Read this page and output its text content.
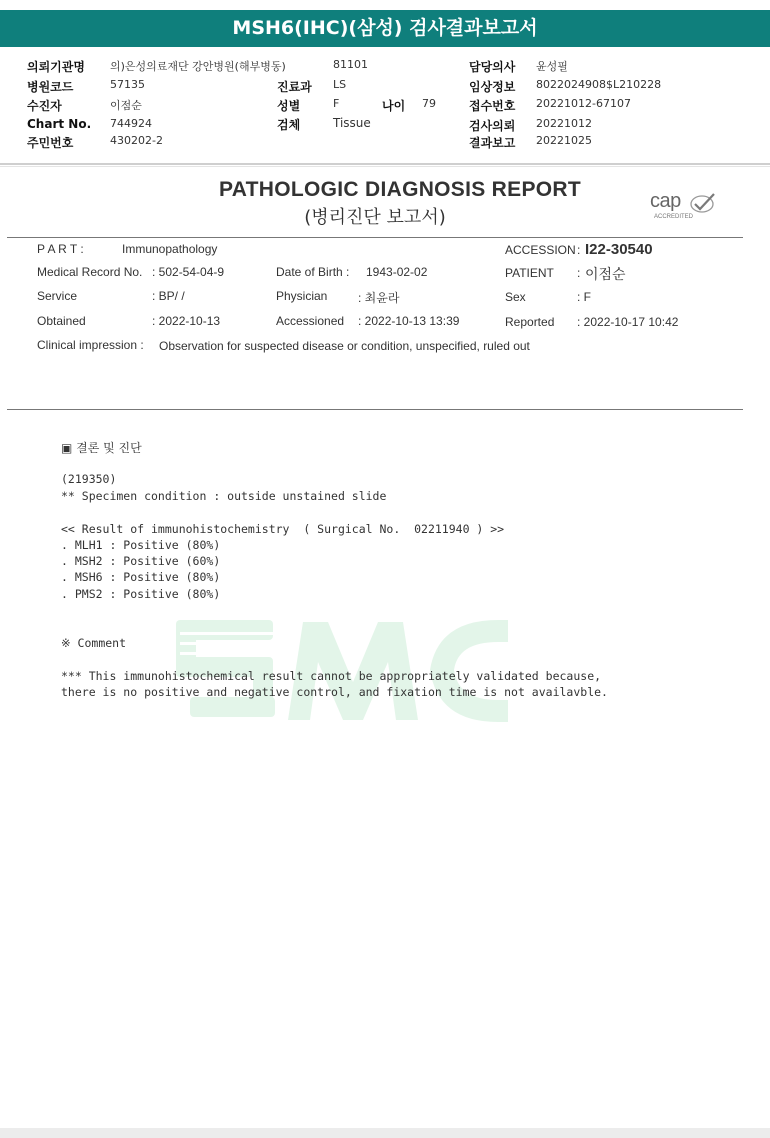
MSH6(IHC)(삼성) 검사결과보고서
의뢰기관명 의)은성의료재단 강안병원(해부병동)	81101	담당의사 윤성필
병원코드	57135	진료과 LS	임상정보 8022024908$L210228
수진자	이점순	성별	F	나이 79	접수번호 20221012-67107
Chart No. 744924	검체	Tissue	검사의뢰 20221012
주민번호	430202-2	결과보고 20221025
PATHOLOGIC DIAGNOSIS REPORT
(병리진단 보고서)
cap
ACCREDITED
P A R T :	Immunopathology	ACCESSION : I22-30540
Medical Record No. : 502-54-04-9	Date of Birth : 1943-02-02	PATIENT : 이점순
Service	: BP/ /	Physician	: 최윤라	Sex	: F
Obtained	: 2022-10-13	Accessioned : 2022-10-13 13:39	Reported : 2022-10-17 10:42
Clinical impression : Observation for suspected disease or condition, unspecified, ruled out
▣ 결론 및 진단
(219350)
** Specimen condition : outside unstained slide
<< Result of immunohistochemistry  ( Surgical No.  02211940 ) >>
. MLH1 : Positive (80%)
. MSH2 : Positive (60%)
. MSH6 : Positive (80%)
. PMS2 : Positive (80%)
※ Comment
*** This immunohistochemical result cannot be appropriately validated because,
there is no positive and negative control, and fixation time is not availavble.
